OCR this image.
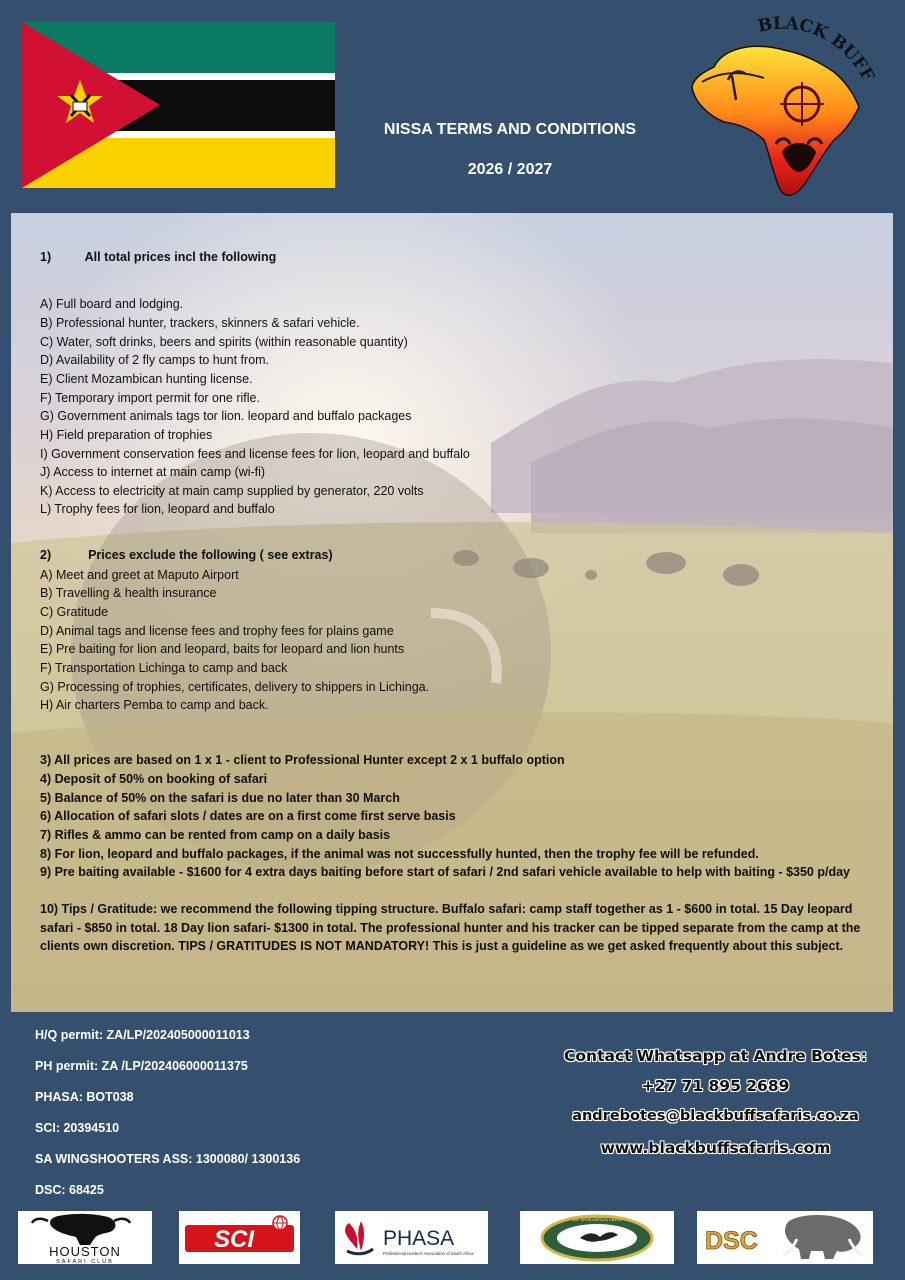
NISSA TERMS AND CONDITIONS
2026 / 2027
BLACK BUFF
1)	All total prices incl the following
A) Full board and lodging.
B) Professional hunter, trackers, skinners & safari vehicle.
C) Water, soft drinks, beers and spirits (within reasonable quantity)
D) Availability of 2 fly camps to hunt from.
E) Client Mozambican hunting license.
F) Temporary import permit for one rifle.
G) Government animals tags tor lion. leopard and buffalo packages
H) Field preparation of trophies
I) Government conservation fees and license fees for lion, leopard and buffalo
J) Access to internet at main camp (wi-fi)
K) Access to electricity at main camp supplied by generator, 220 volts
L) Trophy fees for lion, leopard and buffalo
2)	Prices exclude the following ( see extras)
A) Meet and greet at Maputo Airport
B) Travelling & health insurance
C) Gratitude
D) Animal tags and license fees and trophy fees for plains game
E) Pre baiting for lion and leopard, baits for leopard and lion hunts
F) Transportation Lichinga to camp and back
G) Processing of trophies, certificates, delivery to shippers in Lichinga.
H) Air charters Pemba to camp and back.
3) All prices are based on 1 x 1 - client to Professional Hunter except 2 x 1 buffalo option
4) Deposit of 50% on booking of safari
5) Balance of 50% on the safari is due no later than 30 March
6) Allocation of safari slots / dates are on a first come first serve basis
7) Rifles & ammo can be rented from camp on a daily basis
8) For lion, leopard and buffalo packages, if the animal was not successfully hunted, then the trophy fee will be refunded.
9) Pre baiting available - $1600 for 4 extra days baiting before start of safari / 2nd safari vehicle available to help with baiting - $350 p/day
10) Tips / Gratitude: we recommend the following tipping structure. Buffalo safari: camp staff together as 1 - $600 in total. 15 Day leopard safari - $850 in total. 18 Day lion safari- $1300 in total. The professional hunter and his tracker can be tipped separate from the camp at the clients own discretion. TIPS / GRATITUDES IS NOT MANDATORY! This is just a guideline as we get asked frequently about this subject.
H/Q permit: ZA/LP/202405000011013
PH permit: ZA /LP/202406000011375
PHASA: BOT038
SCI: 20394510
SA WINGSHOOTERS ASS: 1300080/ 1300136
DSC: 68425
Contact Whatsapp at Andre Botes:
+27 71 895 2689
andrebotes@blackbuffsafaris.co.za
www.blackbuffsafaris.com
HOUSTON
SAFARI CLUB
SCI	PHASA
Professional Hunters' Association of South Africa
SA WINGSHOOTERS
DSC
